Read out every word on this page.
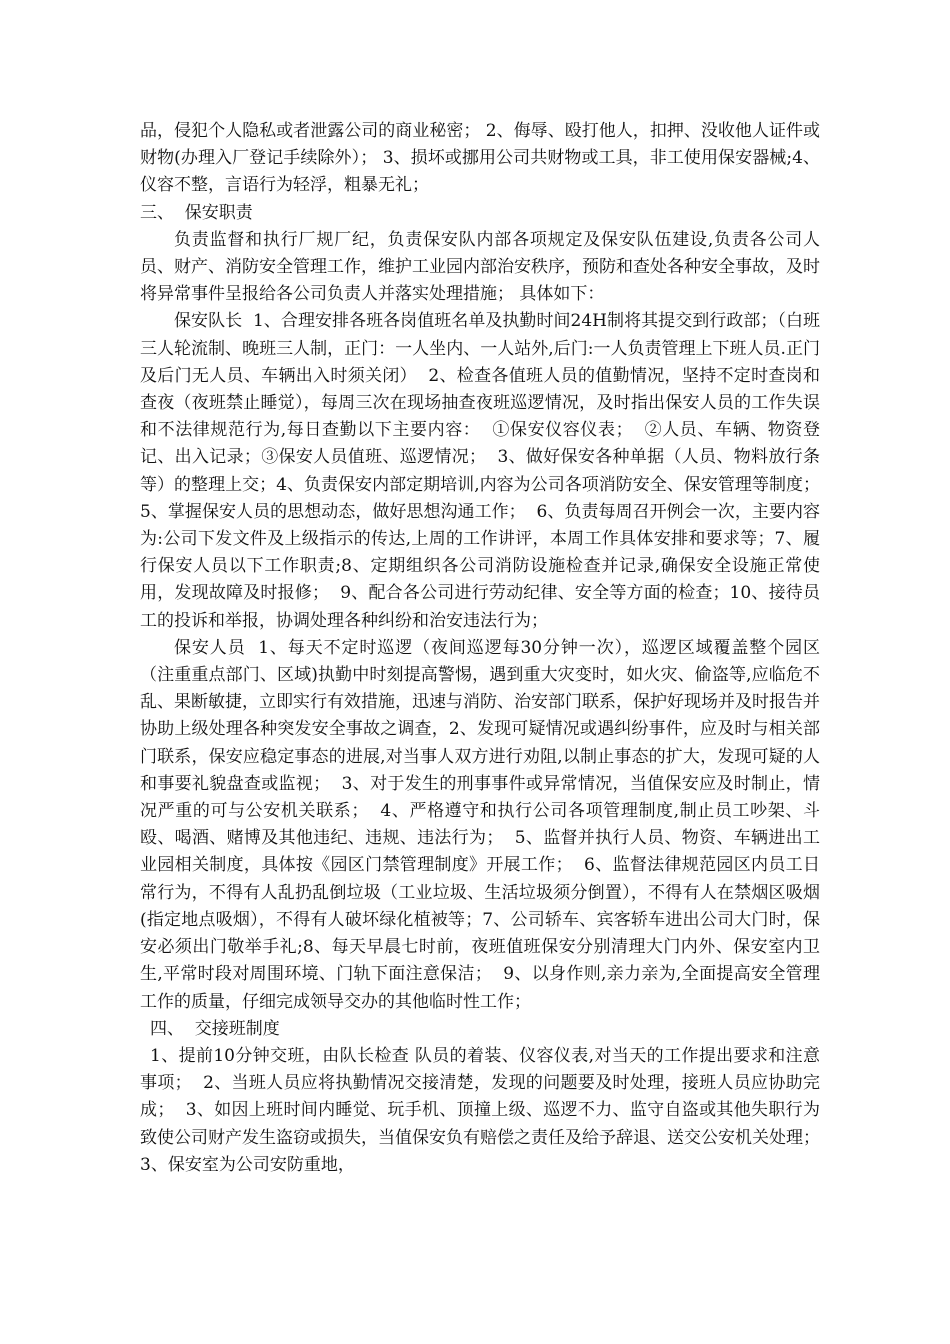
品，侵犯个人隐私或者泄露公司的商业秘密； 2、侮辱、殴打他人，扣押、没收他人证件或财物(办理入厂登记手续除外）； 3、损坏或挪用公司共财物或工具，非工使用保安器械;4、仪容不整，言语行为轻浮，粗暴无礼；

三、  保安职责

负责监督和执行厂规厂纪，负责保安队内部各项规定及保安队伍建设,负责各公司人员、财产、消防安全管理工作，维护工业园内部治安秩序，预防和查处各种安全事故，及时将异常事件呈报给各公司负责人并落实处理措施； 具体如下：

保安队长  1、合理安排各班各岗值班名单及执勤时间24H制将其提交到行政部；（白班三人轮流制、晚班三人制，正门：一人坐内、一人站外,后门:一人负责管理上下班人员.正门及后门无人员、车辆出入时须关闭）  2、检查各值班人员的值勤情况，坚持不定时查岗和查夜（夜班禁止睡觉），每周三次在现场抽查夜班巡逻情况，及时指出保安人员的工作失误和不法律规范行为,每日查勤以下主要内容：  ①保安仪容仪表；  ②人员、车辆、物资登记、出入记录；③保安人员值班、巡逻情况；  3、做好保安各种单据（人员、物料放行条等）的整理上交；4、负责保安内部定期培训,内容为公司各项消防安全、保安管理等制度；5、掌握保安人员的思想动态，做好思想沟通工作；  6、负责每周召开例会一次，主要内容为:公司下发文件及上级指示的传达,上周的工作讲评，本周工作具体安排和要求等；7、履行保安人员以下工作职责;8、定期组织各公司消防设施检查并记录,确保安全设施正常使用，发现故障及时报修；  9、配合各公司进行劳动纪律、安全等方面的检查；10、接待员工的投诉和举报，协调处理各种纠纷和治安违法行为；

保安人员  1、每天不定时巡逻（夜间巡逻每30分钟一次），巡逻区域覆盖整个园区（注重重点部门、区域)执勤中时刻提高警惕，遇到重大灾变时，如火灾、偷盗等,应临危不乱、果断敏捷，立即实行有效措施，迅速与消防、治安部门联系，保护好现场并及时报告并协助上级处理各种突发安全事故之调查，2、发现可疑情况或遇纠纷事件，应及时与相关部门联系，保安应稳定事态的进展,对当事人双方进行劝阻,以制止事态的扩大，发现可疑的人和事要礼貌盘查或监视；  3、对于发生的刑事事件或异常情况，当值保安应及时制止，情况严重的可与公安机关联系；  4、严格遵守和执行公司各项管理制度,制止员工吵架、斗殴、喝酒、赌博及其他违纪、违规、违法行为；  5、监督并执行人员、物资、车辆进出工业园相关制度，具体按《园区门禁管理制度》开展工作；  6、监督法律规范园区内员工日常行为，不得有人乱扔乱倒垃圾（工业垃圾、生活垃圾须分倒置），不得有人在禁烟区吸烟(指定地点吸烟），不得有人破坏绿化植被等；7、公司轿车、宾客轿车进出公司大门时，保安必须出门敬举手礼;8、每天早晨七时前，夜班值班保安分别清理大门内外、保安室内卫生,平常时段对周围环境、门轨下面注意保洁；  9、以身作则,亲力亲为,全面提高安全管理工作的质量，仔细完成领导交办的其他临时性工作；

四、  交接班制度

1、提前10分钟交班，由队长检查 队员的着装、仪容仪表,对当天的工作提出要求和注意事项；  2、当班人员应将执勤情况交接清楚，发现的问题要及时处理，接班人员应协助完成；  3、如因上班时间内睡觉、玩手机、顶撞上级、巡逻不力、监守自盗或其他失职行为致使公司财产发生盗窃或损失，当值保安负有赔偿之责任及给予辞退、送交公安机关处理；  3、保安室为公司安防重地，
